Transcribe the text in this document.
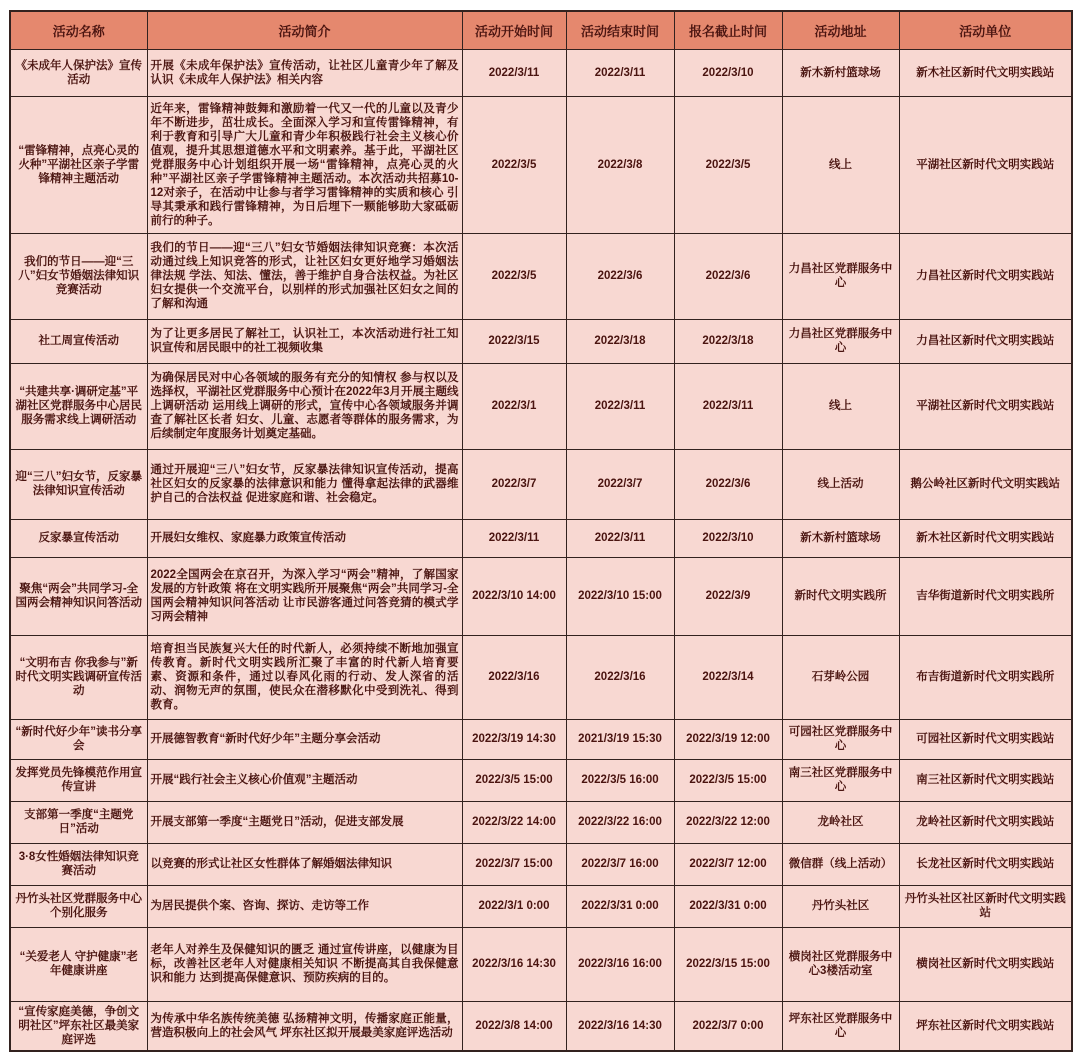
活动名称	活动简介	活动开始时间	活动结束时间	报名截止时间	活动地址	活动单位
《未成年人保护法》宣传活动	开展《未成年保护法》宣传活动，让社区儿童青少年了解及认识《未成年人保护法》相关内容	2022/3/11	2022/3/11	2022/3/10	新木新村篮球场	新木社区新时代文明实践站
“雷锋精神，点亮心灵的火种”平湖社区亲子学雷锋精神主题活动	近年来，雷锋精神鼓舞和激励着一代又一代的儿童以及青少年不断进步，茁壮成长。全面深入学习和宣传雷锋精神，有利于教育和引导广大儿童和青少年积极践行社会主义核心价值观，提升其思想道德水平和文明素养。基于此，平湖社区党群服务中心计划组织开展一场“雷锋精神，点亮心灵的火种”平湖社区亲子学雷锋精神主题活动。本次活动共招募10-12对亲子，在活动中让参与者学习雷锋精神的实质和核心 引导其秉承和践行雷锋精神，为日后埋下一颗能够助大家砥砺前行的种子。	2022/3/5	2022/3/8	2022/3/5	线上	平湖社区新时代文明实践站
我们的节日——迎“三八”妇女节婚姻法律知识竞赛活动	我们的节日——迎“三八”妇女节婚姻法律知识竞赛：本次活动通过线上知识竞答的形式，让社区妇女更好地学习婚姻法律法规 学法、知法、懂法，善于维护自身合法权益。为社区妇女提供一个交流平台，以别样的形式加强社区妇女之间的了解和沟通	2022/3/5	2022/3/6	2022/3/6	力昌社区党群服务中心	力昌社区新时代文明实践站
社工周宣传活动	为了让更多居民了解社工，认识社工，本次活动进行社工知识宣传和居民眼中的社工视频收集	2022/3/15	2022/3/18	2022/3/18	力昌社区党群服务中心	力昌社区新时代文明实践站
“共建共享·调研定基”平湖社区党群服务中心居民服务需求线上调研活动	为确保居民对中心各领域的服务有充分的知情权 参与权以及选择权，平湖社区党群服务中心预计在2022年3月开展主题线上调研活动 运用线上调研的形式，宣传中心各领域服务并调查了解社区长者 妇女、儿童、志愿者等群体的服务需求，为后续制定年度服务计划奠定基础。	2022/3/1	2022/3/11	2022/3/11	线上	平湖社区新时代文明实践站
迎“三八”妇女节，反家暴法律知识宣传活动	通过开展迎“三八”妇女节，反家暴法律知识宣传活动，提高社区妇女的反家暴的法律意识和能力 懂得拿起法律的武器维护自己的合法权益 促进家庭和谐、社会稳定。	2022/3/7	2022/3/7	2022/3/6	线上活动	鹅公岭社区新时代文明实践站
反家暴宣传活动	开展妇女维权、家庭暴力政策宣传活动	2022/3/11	2022/3/11	2022/3/10	新木新村篮球场	新木社区新时代文明实践站
聚焦“两会”共同学习-全国两会精神知识问答活动	2022全国两会在京召开，为深入学习“两会”精神，了解国家发展的方针政策 将在文明实践所开展聚焦“两会”共同学习-全国两会精神知识问答活动 让市民游客通过问答竞猜的模式学习两会精神	2022/3/10 14:00	2022/3/10 15:00	2022/3/9	新时代文明实践所	吉华街道新时代文明实践所
“文明布吉 你我参与”新时代文明实践调研宣传活动	培育担当民族复兴大任的时代新人，必须持续不断地加强宣传教育。新时代文明实践所汇聚了丰富的时代新人培育要素、资源和条件，通过以春风化雨的行动、发人深省的活动、润物无声的氛围，使民众在潜移默化中受到洗礼、得到教育。	2022/3/16	2022/3/16	2022/3/14	石芽岭公园	布吉街道新时代文明实践所
“新时代好少年”读书分享会	开展德智教育“新时代好少年”主题分享会活动	2022/3/19 14:30	2021/3/19 15:30	2022/3/19 12:00	可园社区党群服务中心	可园社区新时代文明实践站
发挥党员先锋模范作用宣传宣讲	开展“践行社会主义核心价值观”主题活动	2022/3/5 15:00	2022/3/5 16:00	2022/3/5 15:00	南三社区党群服务中心	南三社区新时代文明实践站
支部第一季度“主题党日”活动	开展支部第一季度“主题党日”活动，促进支部发展	2022/3/22 14:00	2022/3/22 16:00	2022/3/22 12:00	龙岭社区	龙岭社区新时代文明实践站
3·8女性婚姻法律知识竞赛活动	以竞赛的形式让社区女性群体了解婚姻法律知识	2022/3/7 15:00	2022/3/7 16:00	2022/3/7 12:00	微信群（线上活动）	长龙社区新时代文明实践站
丹竹头社区党群服务中心个别化服务	为居民提供个案、咨询、探访、走访等工作	2022/3/1 0:00	2022/3/31 0:00	2022/3/31 0:00	丹竹头社区	丹竹头社区社区新时代文明实践站
“关爱老人 守护健康”老年健康讲座	老年人对养生及保健知识的匮乏 通过宣传讲座，以健康为目标，改善社区老年人对健康相关知识 不断提高其自我保健意识和能力 达到提高保健意识、预防疾病的目的。	2022/3/16 14:30	2022/3/16 16:00	2022/3/15 15:00	横岗社区党群服务中心3楼活动室	横岗社区新时代文明实践站
“宣传家庭美德，争创文明社区”坪东社区最美家庭评选	为传承中华名族传统美德 弘扬精神文明，传播家庭正能量，营造积极向上的社会风气 坪东社区拟开展最美家庭评选活动	2022/3/8 14:00	2022/3/16 14:30	2022/3/7 0:00	坪东社区党群服务中心	坪东社区新时代文明实践站
